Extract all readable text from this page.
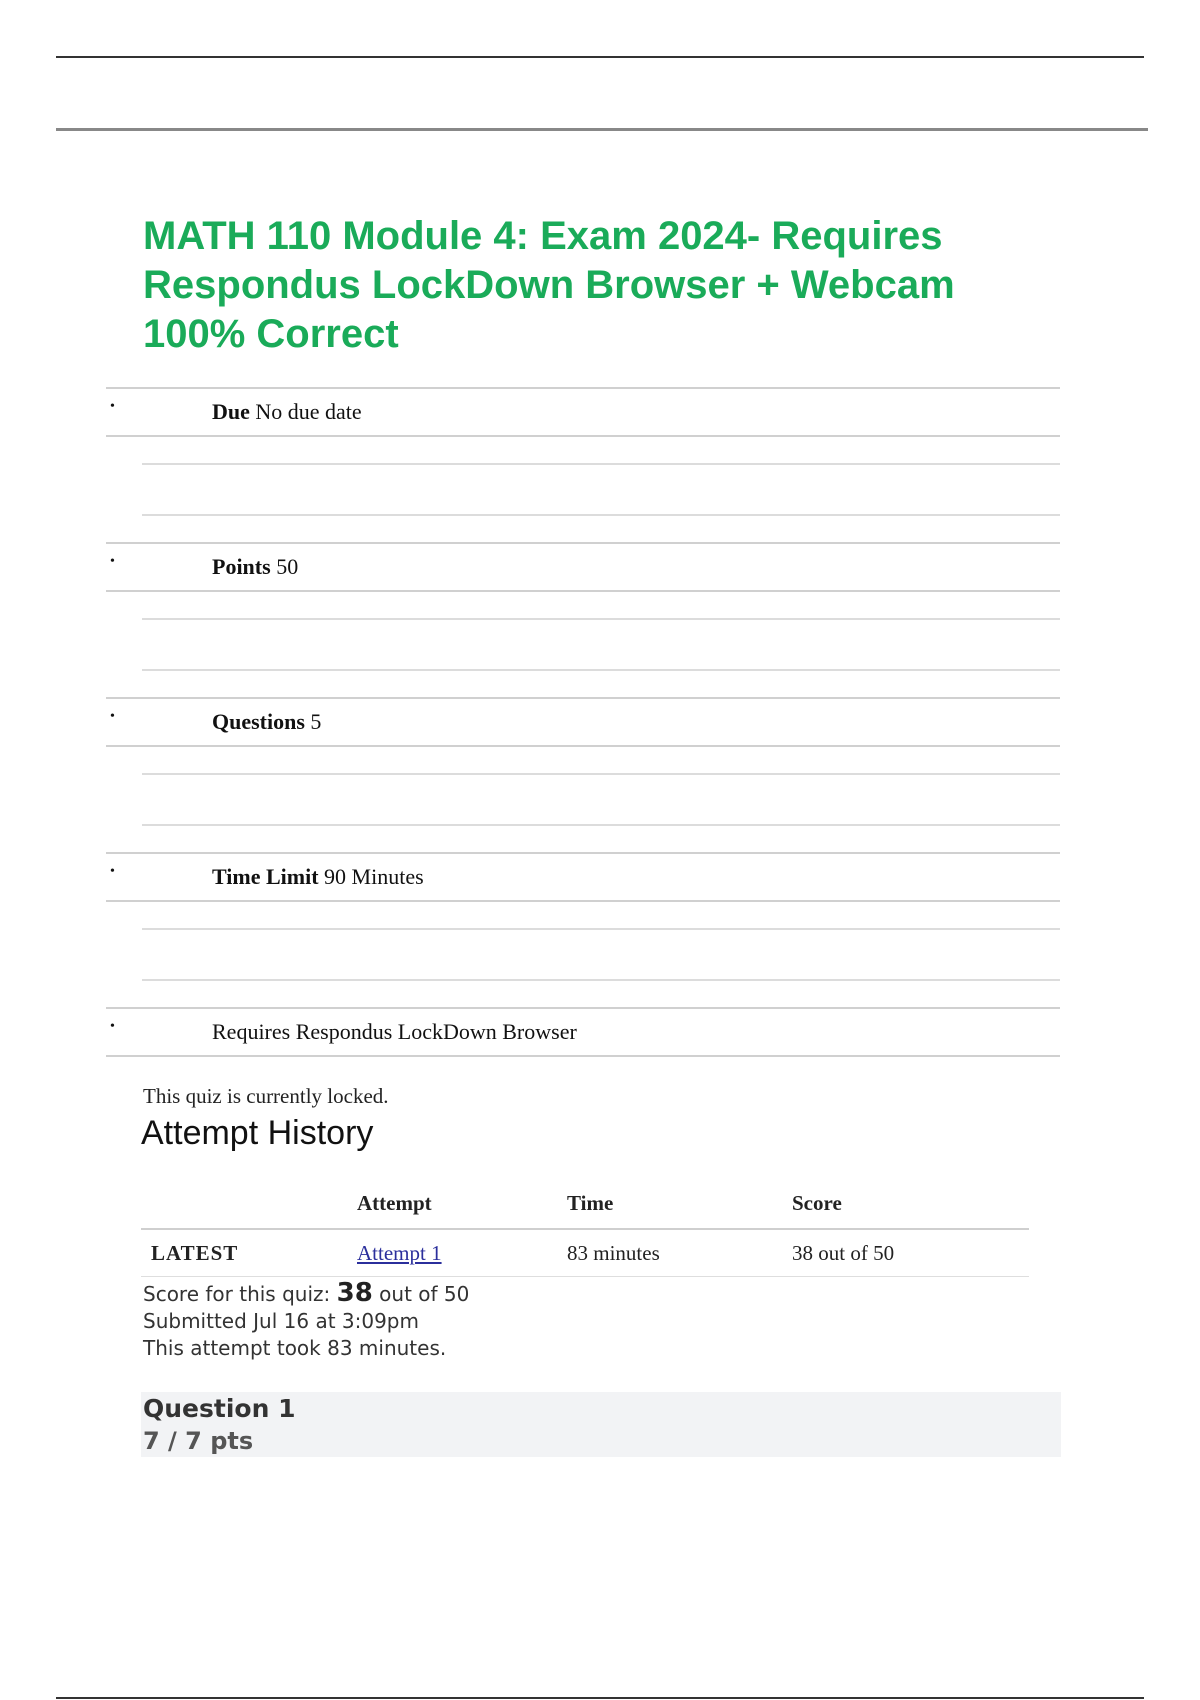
MATH 110 Module 4: Exam 2024- Requires Respondus LockDown Browser + Webcam 100% Correct
•	Due No due date
•	Points 50
•	Questions 5
•	Time Limit 90 Minutes
•	Requires Respondus LockDown Browser
This quiz is currently locked.
Attempt History
	Attempt	Time	Score
LATEST	Attempt 1	83 minutes	38 out of 50
Score for this quiz: 38 out of 50
Submitted Jul 16 at 3:09pm
This attempt took 83 minutes.
Question 1
7 / 7 pts
